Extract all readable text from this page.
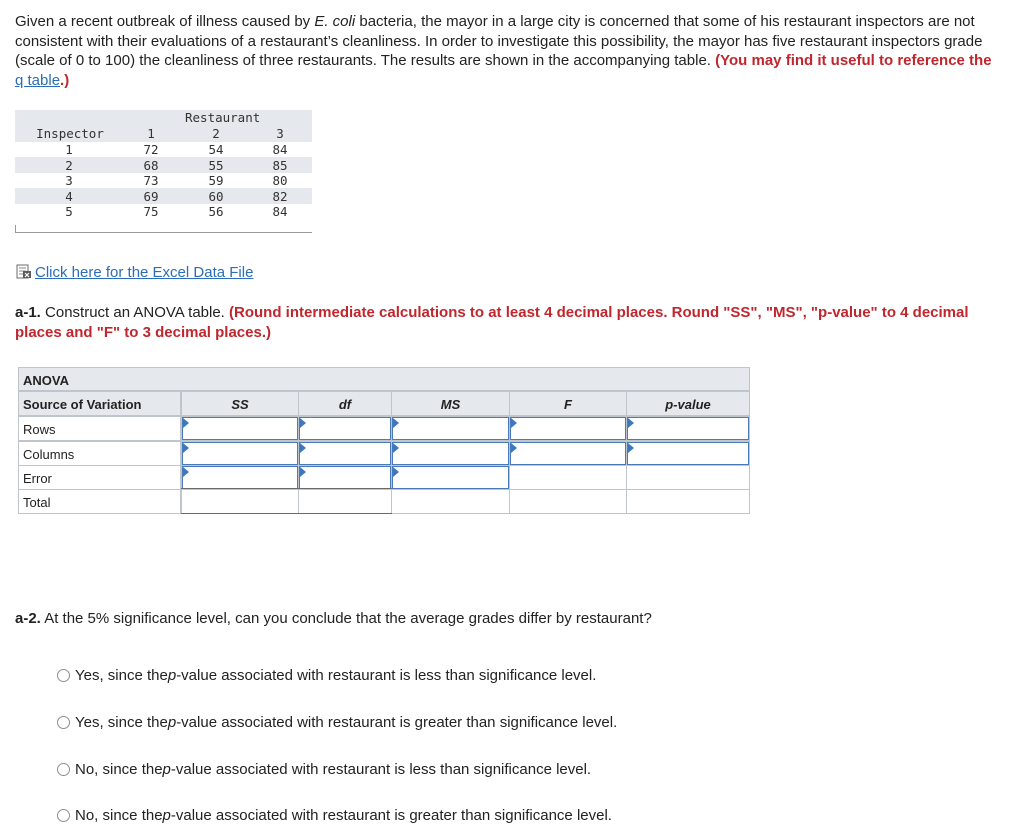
Given a recent outbreak of illness caused by E. coli bacteria, the mayor in a large city is concerned that some of his restaurant inspectors are not consistent with their evaluations of a restaurant’s cleanliness. In order to investigate this possibility, the mayor has five restaurant inspectors grade (scale of 0 to 100) the cleanliness of three restaurants. The results are shown in the accompanying table. (You may find it useful to reference the q table.)
Restaurant
Inspector	1	2	3
1	72	54	84
2	68	55	85
3	73	59	80
4	69	60	82
5	75	56	84
Click here for the Excel Data File
a-1. Construct an ANOVA table. (Round intermediate calculations to at least 4 decimal places. Round "SS", "MS", "p-value" to 4 decimal places and "F" to 3 decimal places.)
ANOVA
Source of Variation	SS	df	MS	F	p-value
Rows
Columns
Error
Total
a-2. At the 5% significance level, can you conclude that the average grades differ by restaurant?
Yes, since the p -value associated with restaurant is less than significance level.
Yes, since the p -value associated with restaurant is greater than significance level.
No, since the p -value associated with restaurant is less than significance level.
No, since the p -value associated with restaurant is greater than significance level.
